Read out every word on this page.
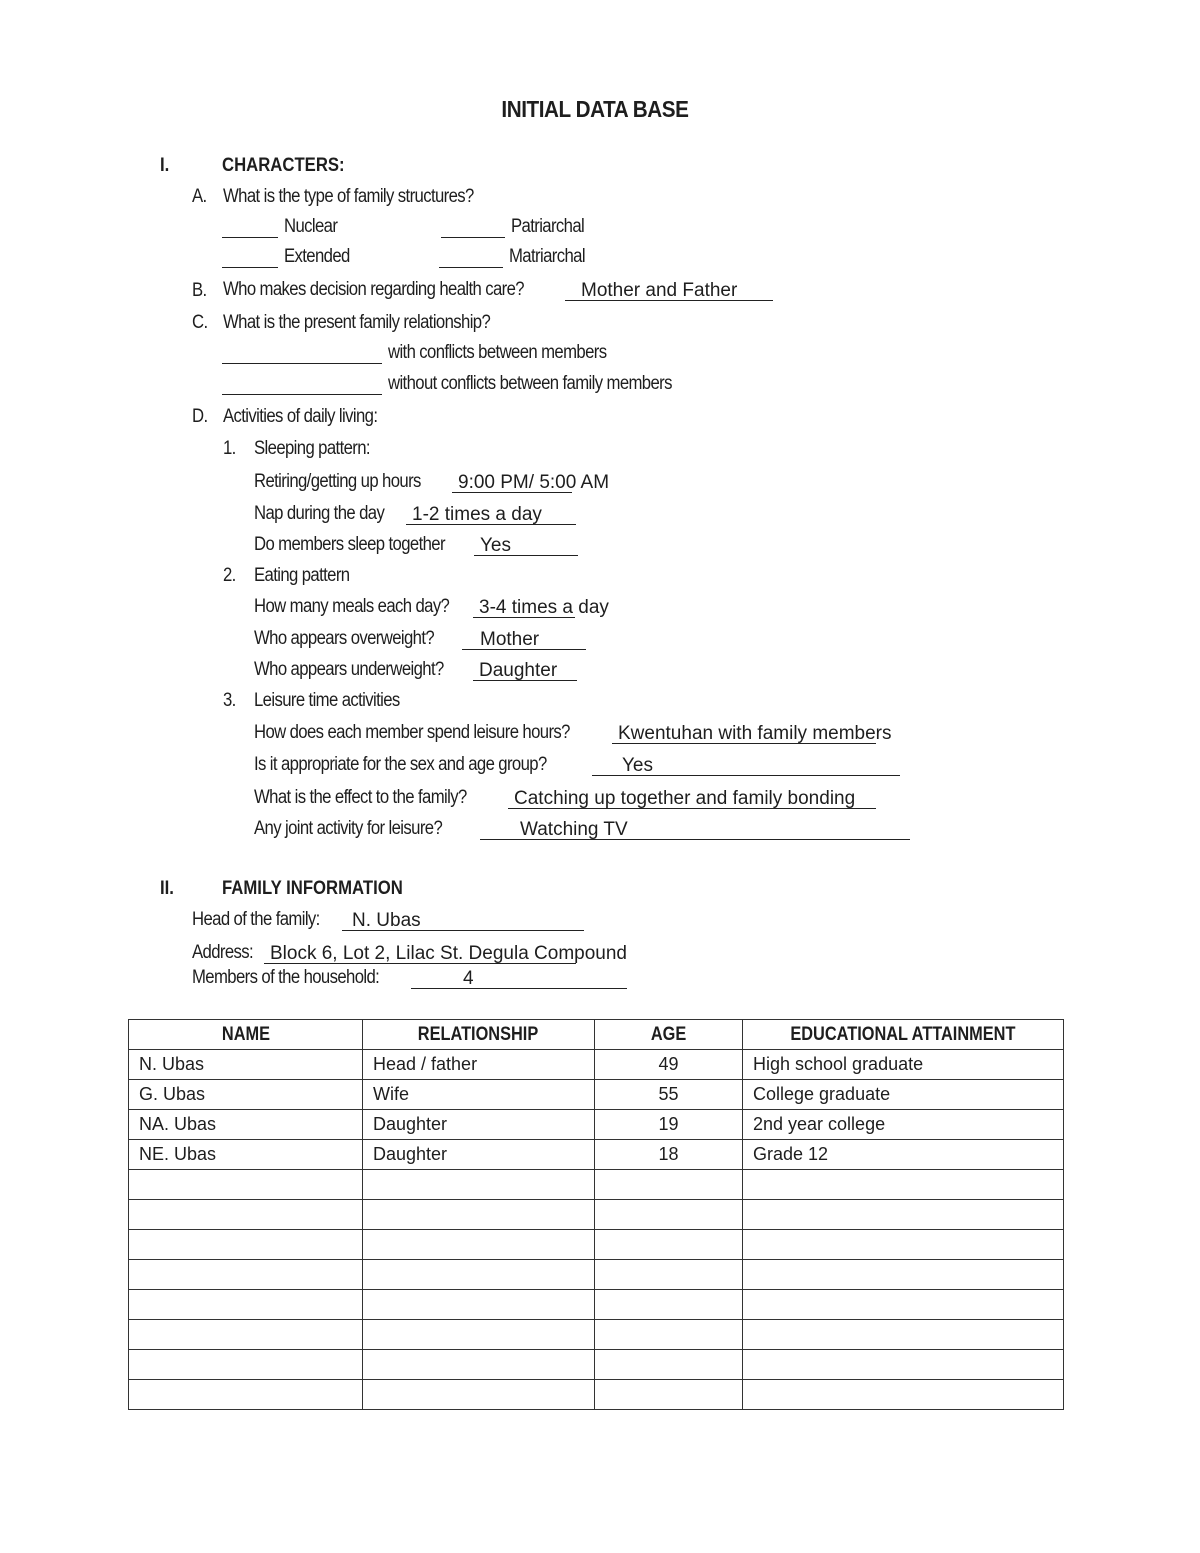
INITIAL DATA BASE
I.	CHARACTERS:
A. What is the type of family structures?
Nuclear	Patriarchal
Extended	Matriarchal
B. Who makes decision regarding health care?	Mother and Father
C. What is the present family relationship?
with conflicts between members
without conflicts between family members
D. Activities of daily living:
1. Sleeping pattern:
Retiring/getting up hours	9:00 PM/ 5:00 AM
Nap during the day	1-2 times a day
Do members sleep together	Yes
2. Eating pattern
How many meals each day?	3-4 times a day
Who appears overweight?	Mother
Who appears underweight?	Daughter
3. Leisure time activities
How does each member spend leisure hours?	Kwentuhan with family members
Is it appropriate for the sex and age group?	Yes
What is the effect to the family?	Catching up together and family bonding
Any joint activity for leisure?	Watching TV
II.	FAMILY INFORMATION
Head of the family:	N. Ubas
Address: Block 6, Lot 2, Lilac St. Degula Compound
Members of the household:	4
NAME	RELATIONSHIP	AGE	EDUCATIONAL ATTAINMENT
N. Ubas	Head / father	49	High school graduate
G. Ubas	Wife	55	College graduate
NA. Ubas	Daughter	19	2nd year college
NE. Ubas	Daughter	18	Grade 12
